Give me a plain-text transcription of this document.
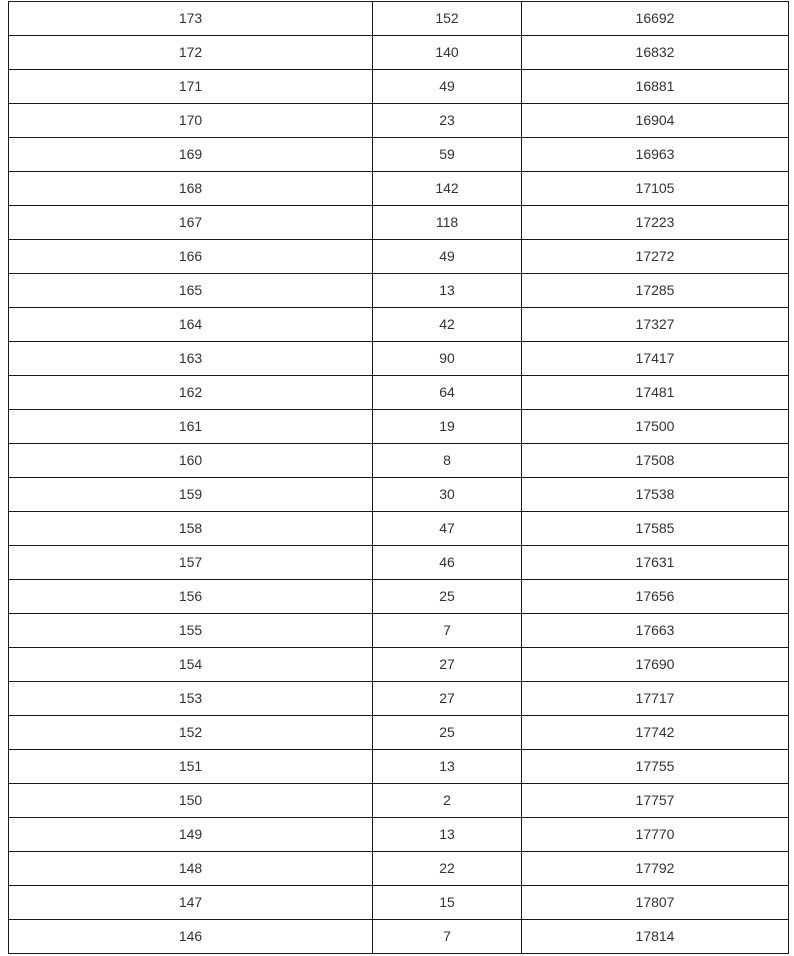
173	152	16692
172	140	16832
171	49	16881
170	23	16904
169	59	16963
168	142	17105
167	118	17223
166	49	17272
165	13	17285
164	42	17327
163	90	17417
162	64	17481
161	19	17500
160	8	17508
159	30	17538
158	47	17585
157	46	17631
156	25	17656
155	7	17663
154	27	17690
153	27	17717
152	25	17742
151	13	17755
150	2	17757
149	13	17770
148	22	17792
147	15	17807
146	7	17814
